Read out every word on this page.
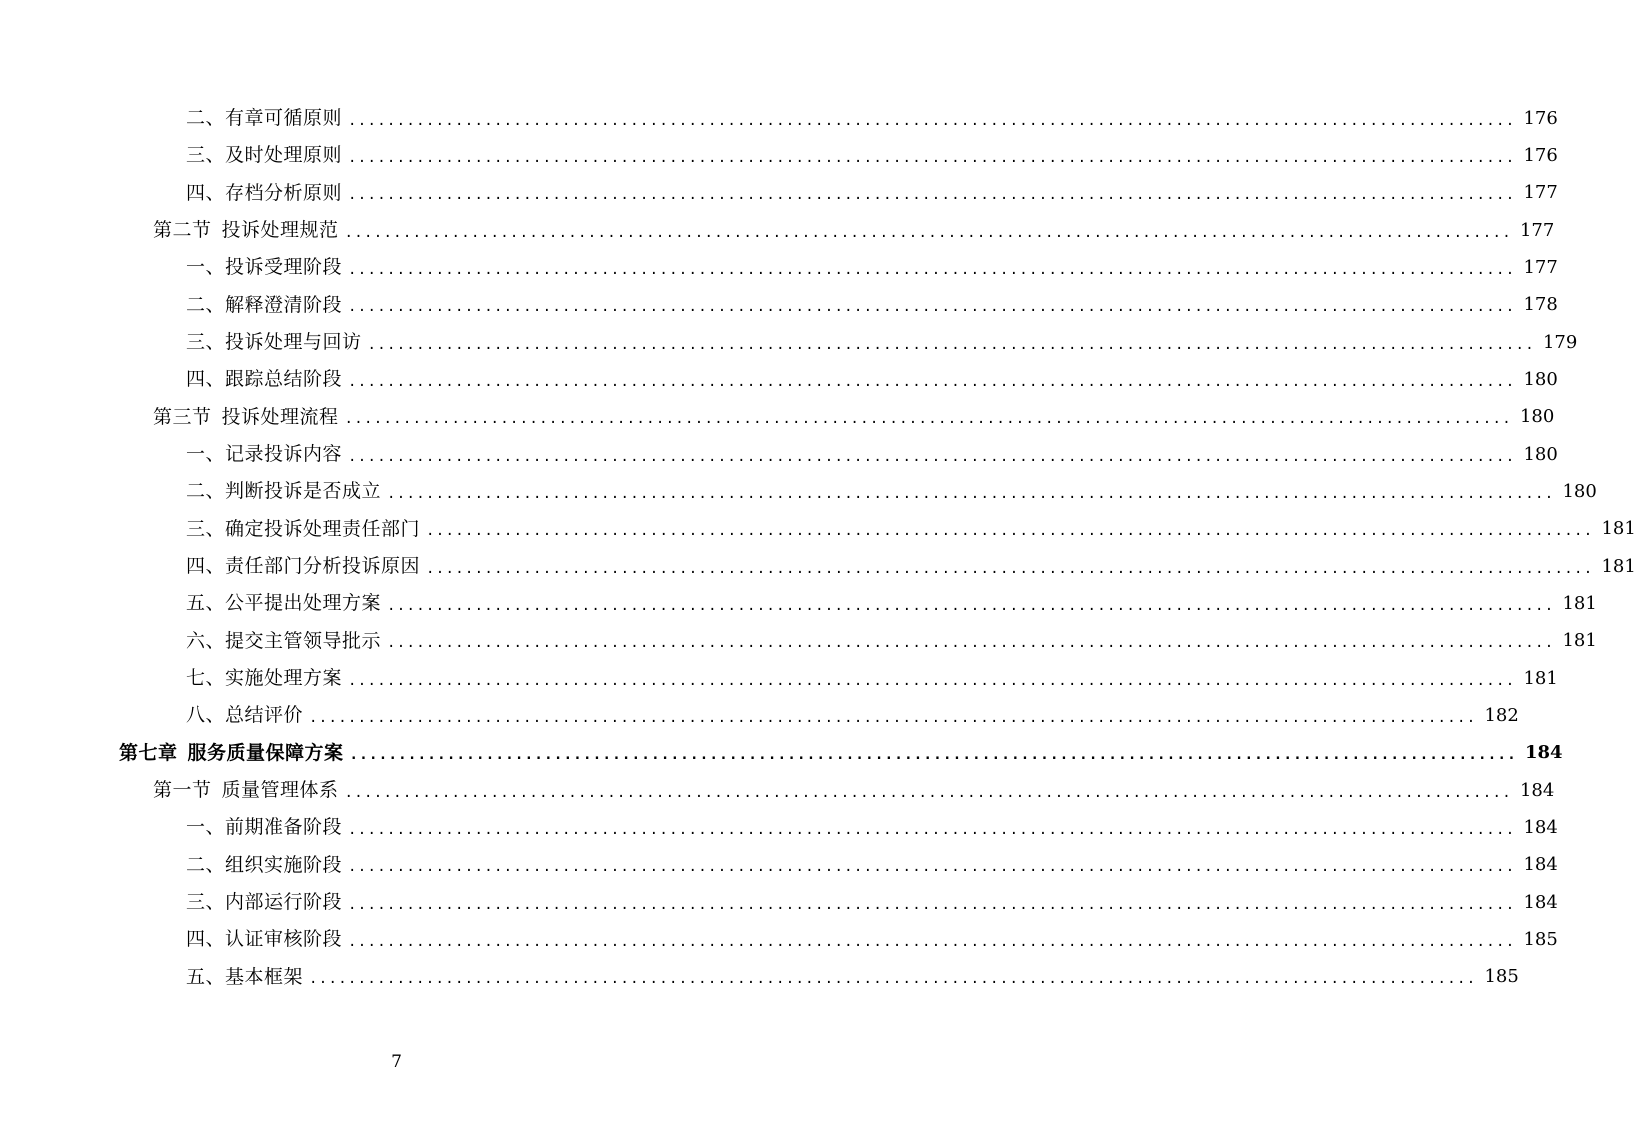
二、有章可循原则 ........................................................................................................................ 176
三、及时处理原则 ........................................................................................................................ 176
四、存档分析原则 ........................................................................................................................ 177
第二节 投诉处理规范 ........................................................................................................................ 177
一、投诉受理阶段 ........................................................................................................................ 177
二、解释澄清阶段 ........................................................................................................................ 178
三、投诉处理与回访 ........................................................................................................................ 179
四、跟踪总结阶段 ........................................................................................................................ 180
第三节 投诉处理流程 ........................................................................................................................ 180
一、记录投诉内容 ........................................................................................................................ 180
二、判断投诉是否成立 ........................................................................................................................ 180
三、确定投诉处理责任部门 ........................................................................................................................ 181
四、责任部门分析投诉原因 ........................................................................................................................ 181
五、公平提出处理方案 ........................................................................................................................ 181
六、提交主管领导批示 ........................................................................................................................ 181
七、实施处理方案 ........................................................................................................................ 181
八、总结评价 ........................................................................................................................ 182
第七章 服务质量保障方案 ........................................................................................................................ 184
第一节 质量管理体系 ........................................................................................................................ 184
一、前期准备阶段 ........................................................................................................................ 184
二、组织实施阶段 ........................................................................................................................ 184
三、内部运行阶段 ........................................................................................................................ 184
四、认证审核阶段 ........................................................................................................................ 185
五、基本框架 ........................................................................................................................ 185
7
